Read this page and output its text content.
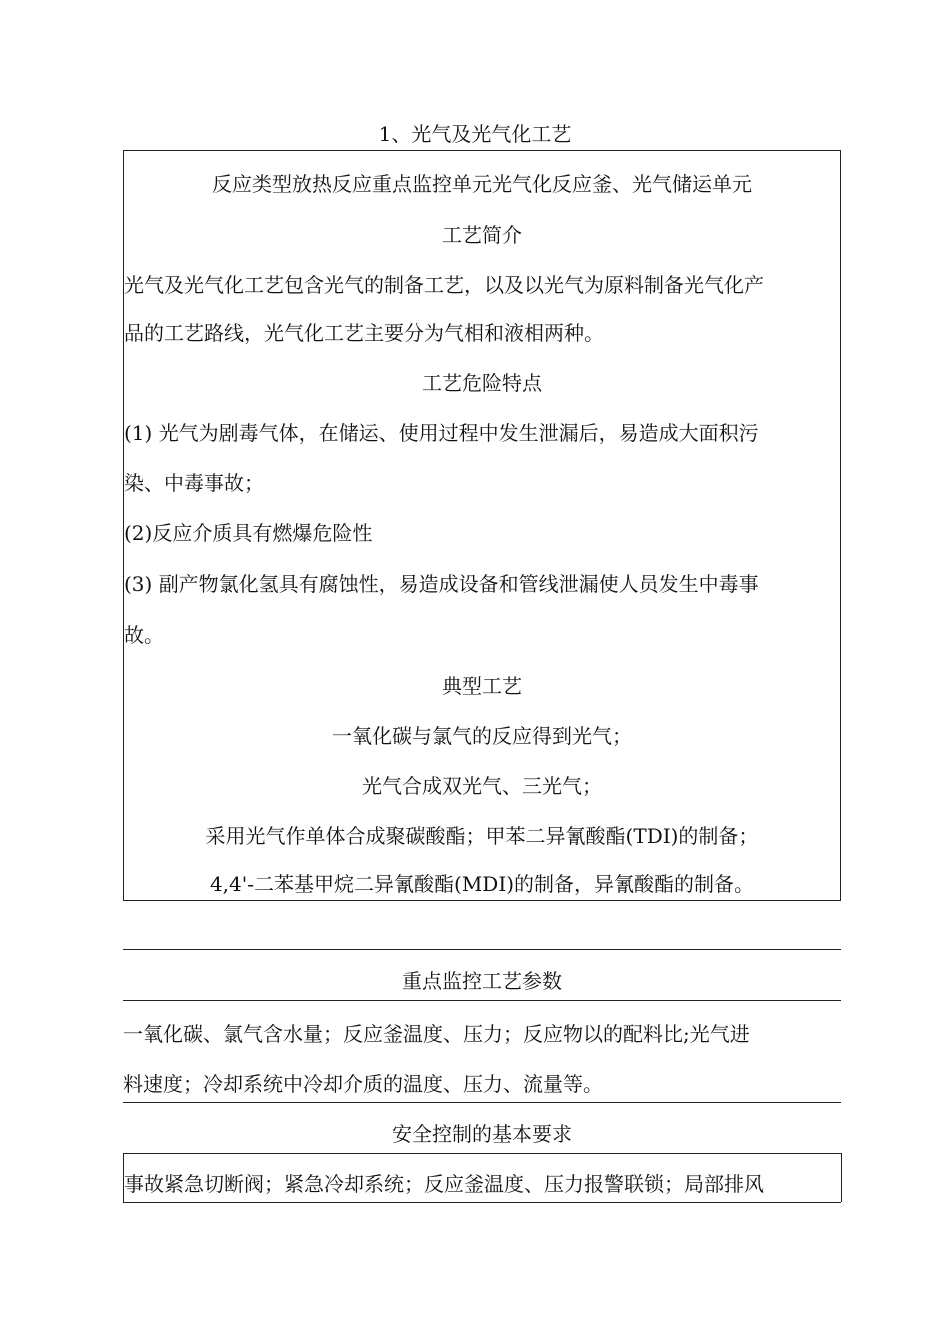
1、光气及光气化工艺
反应类型放热反应重点监控单元光气化反应釜、光气储运单元
工艺简介
光气及光气化工艺包含光气的制备工艺，以及以光气为原料制备光气化产
品的工艺路线，光气化工艺主要分为气相和液相两种。
工艺危险特点
(1) 光气为剧毒气体，在储运、使用过程中发生泄漏后，易造成大面积污
染、中毒事故；
(2)反应介质具有燃爆危险性
(3) 副产物氯化氢具有腐蚀性，易造成设备和管线泄漏使人员发生中毒事
故。
典型工艺
一氧化碳与氯气的反应得到光气；
光气合成双光气、三光气；
采用光气作单体合成聚碳酸酯；甲苯二异氰酸酯(TDI)的制备；
4,4'-二苯基甲烷二异氰酸酯(MDI)的制备，异氰酸酯的制备。
重点监控工艺参数
一氧化碳、氯气含水量；反应釜温度、压力；反应物以的配料比;光气进
料速度；冷却系统中冷却介质的温度、压力、流量等。
安全控制的基本要求
事故紧急切断阀；紧急冷却系统；反应釜温度、压力报警联锁；局部排风
